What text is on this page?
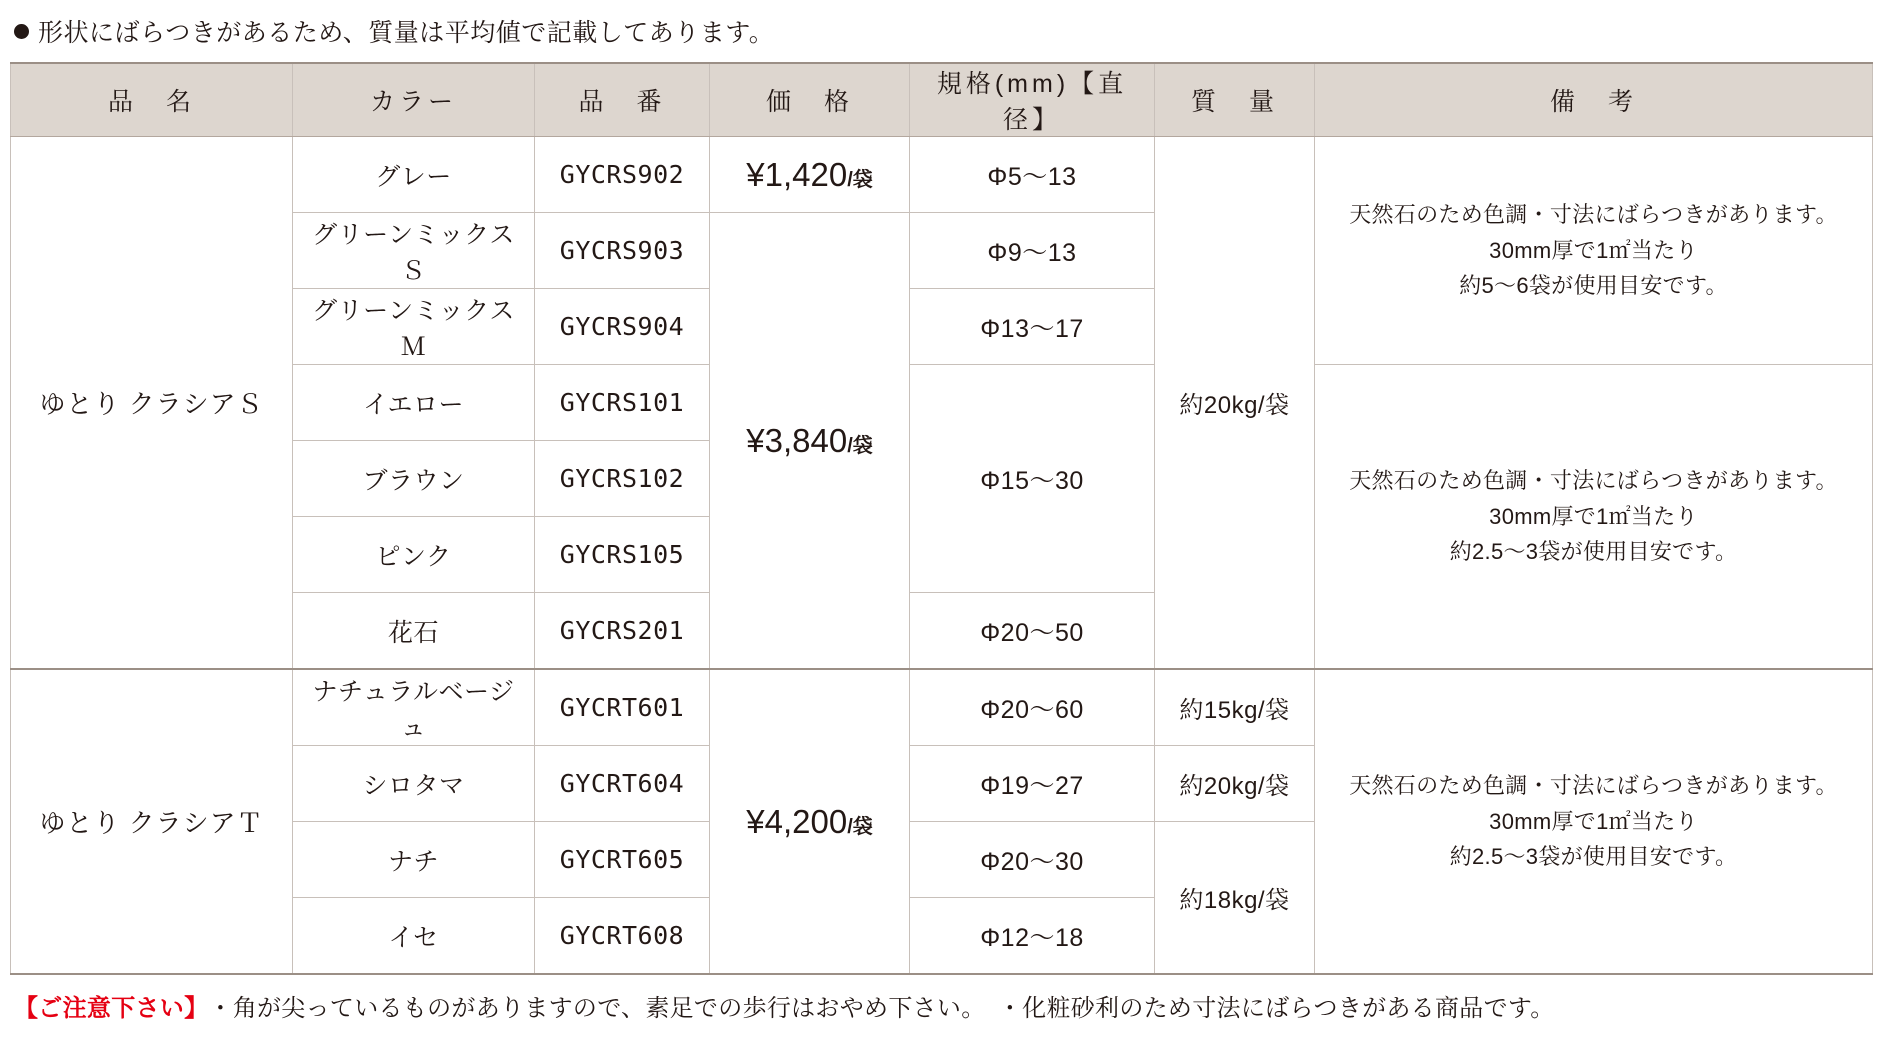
形状にばらつきがあるため、質量は平均値で記載してあります。
品　名	カラー	品　番	価　格	規格(mm)【直径】	質　量	備　考
ゆとり クラシアＳ	グレー	GYCRS902	¥1,420/袋	Φ5〜13	約20kg/袋	天然石のため色調・寸法にばらつきがあります。
30mm厚で1㎡当たり
約5〜6袋が使用目安です。

	グリーンミックスＳ	GYCRS903	¥3,840/袋	Φ9〜13		
	グリーンミックスＭ	GYCRS904		Φ13〜17		
	イエロー	GYCRS101		Φ15〜30		天然石のため色調・寸法にばらつきがあります。
30mm厚で1㎡当たり
約2.5〜3袋が使用目安です。

	ブラウン	GYCRS102				
	ピンク	GYCRS105				
	花石	GYCRS201		Φ20〜50		
ゆとり クラシアＴ	ナチュラルベージュ	GYCRT601	¥4,200/袋	Φ20〜60	約15kg/袋	天然石のため色調・寸法にばらつきがあります。
30mm厚で1㎡当たり
約2.5〜3袋が使用目安です。

	シロタマ	GYCRT604		Φ19〜27	約20kg/袋	
	ナチ	GYCRT605		Φ20〜30	約18kg/袋	
	イセ	GYCRT608		Φ12〜18		
【ご注意下さい】 ・角が尖っているものがありますので、素足での歩行はおやめ下さい。　・化粧砂利のため寸法にばらつきがある商品です。
